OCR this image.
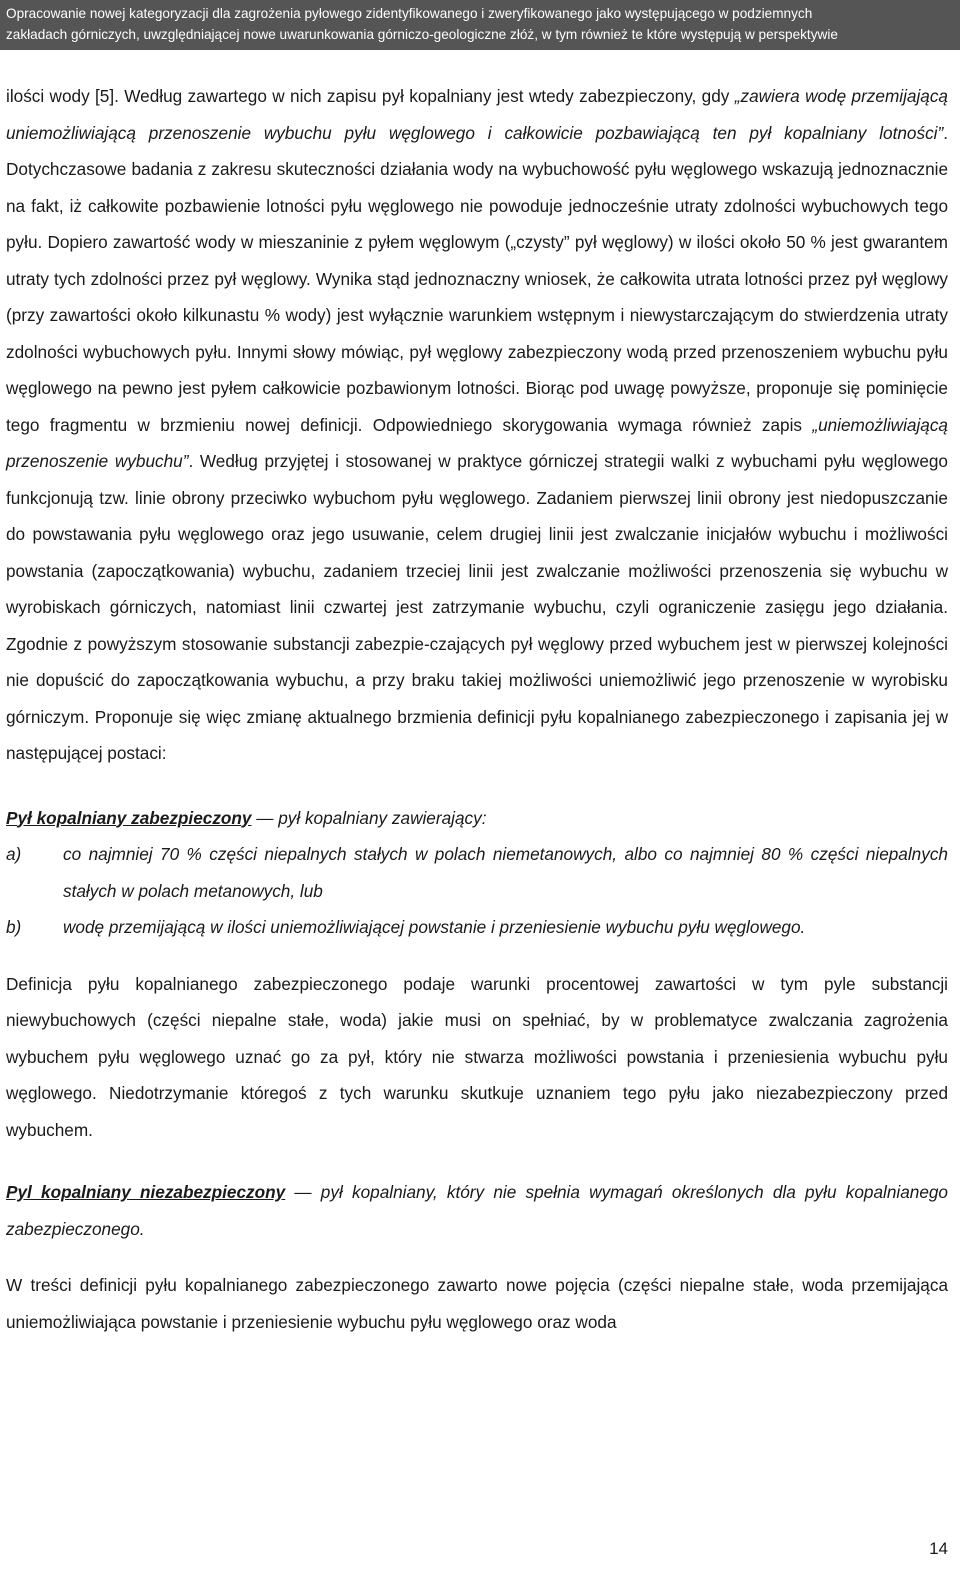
Opracowanie nowej kategoryzacji dla zagrożenia pyłowego zidentyfikowanego i zweryfikowanego jako występującego w podziemnych
zakładach górniczych, uwzględniającej nowe uwarunkowania górniczo-geologiczne złóż, w tym również te które występują w perspektywie

ilości wody [5]. Według zawartego w nich zapisu pył kopalniany jest wtedy zabezpieczony, gdy „zawiera wodę przemijającą uniemożliwiającą przenoszenie wybuchu pyłu węglowego i całkowicie pozbawiającą ten pył kopalniany lotności”. Dotychczasowe badania z zakresu skuteczności działania wody na wybuchowość pyłu węglowego wskazują jednoznacznie na fakt, iż całkowite pozbawienie lotności pyłu węglowego nie powoduje jednocześnie utraty zdolności wybuchowych tego pyłu. Dopiero zawartość wody w mieszaninie z pyłem węglowym („czysty” pył węglowy) w ilości około 50 % jest gwarantem utraty tych zdolności przez pył węglowy. Wynika stąd jednoznaczny wniosek, że całkowita utrata lotności przez pył węglowy (przy zawartości około kilkunastu % wody) jest wyłącznie warunkiem wstępnym i niewystarczającym do stwierdzenia utraty zdolności wybuchowych pyłu. Innymi słowy mówiąc, pył węglowy zabezpieczony wodą przed przenoszeniem wybuchu pyłu węglowego na pewno jest pyłem całkowicie pozbawionym lotności. Biorąc pod uwagę powyższe, proponuje się pominięcie tego fragmentu w brzmieniu nowej definicji. Odpowiedniego skorygowania wymaga również zapis „uniemożliwiającą przenoszenie wybuchu”. Według przyjętej i stosowanej w praktyce górniczej strategii walki z wybuchami pyłu węglowego funkcjonują tzw. linie obrony przeciwko wybuchom pyłu węglowego. Zadaniem pierwszej linii obrony jest niedopuszczanie do powstawania pyłu węglowego oraz jego usuwanie, celem drugiej linii jest zwalczanie inicjałów wybuchu i możliwości powstania (zapoczątkowania) wybuchu, zadaniem trzeciej linii jest zwalczanie możliwości przenoszenia się wybuchu w wyrobiskach górniczych, natomiast linii czwartej jest zatrzymanie wybuchu, czyli ograniczenie zasięgu jego działania. Zgodnie z powyższym stosowanie substancji zabezpie-czających pył węglowy przed wybuchem jest w pierwszej kolejności nie dopuścić do zapoczątkowania wybuchu, a przy braku takiej możliwości uniemożliwić jego przenoszenie w wyrobisku górniczym. Proponuje się więc zmianę aktualnego brzmienia definicji pyłu kopalnianego zabezpieczonego i zapisania jej w następującej postaci:

Pył kopalniany zabezpieczony — pył kopalniany zawierający:

a)	co najmniej 70 % części niepalnych stałych w polach niemetanowych, albo co najmniej 80 % części niepalnych stałych w polach metanowych, lub
b)	wodę przemijającą w ilości uniemożliwiającej powstanie i przeniesienie wybuchu pyłu węglowego.

Definicja pyłu kopalnianego zabezpieczonego podaje warunki procentowej zawartości w tym pyle substancji niewybuchowych (części niepalne stałe, woda) jakie musi on spełniać, by w problematyce zwalczania zagrożenia wybuchem pyłu węglowego uznać go za pył, który nie stwarza możliwości powstania i przeniesienia wybuchu pyłu węglowego. Niedotrzymanie któregoś z tych warunku skutkuje uznaniem tego pyłu jako niezabezpieczony przed wybuchem.

Pyl kopalniany niezabezpieczony — pył kopalniany, który nie spełnia wymagań określonych dla pyłu kopalnianego zabezpieczonego.

W treści definicji pyłu kopalnianego zabezpieczonego zawarto nowe pojęcia (części niepalne stałe, woda przemijająca uniemożliwiająca powstanie i przeniesienie wybuchu pyłu węglowego oraz woda

14
